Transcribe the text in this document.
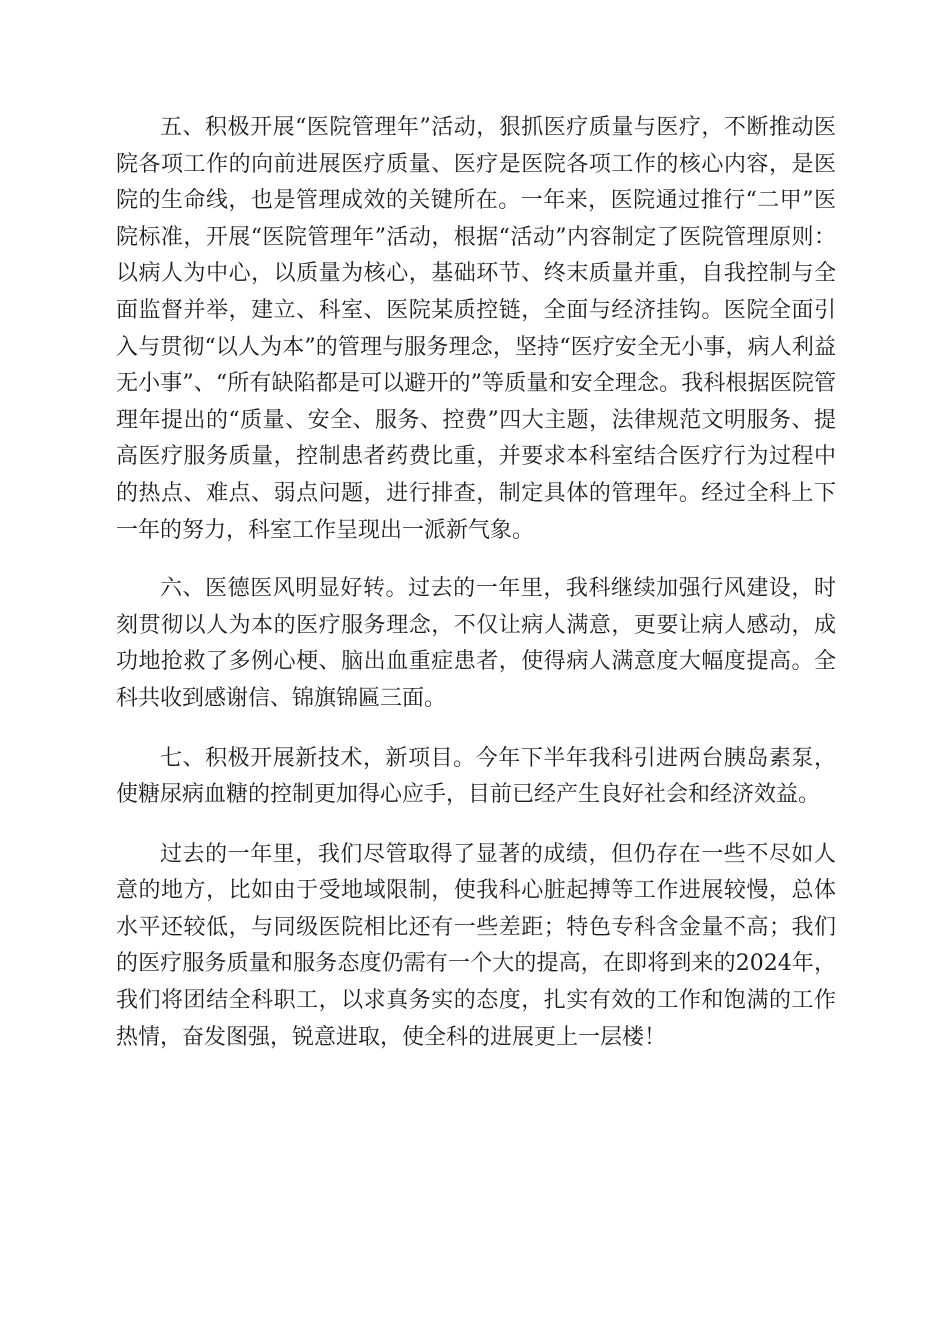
五、积极开展“医院管理年”活动，狠抓医疗质量与医疗，不断推动医院各项工作的向前进展医疗质量、医疗是医院各项工作的核心内容，是医院的生命线，也是管理成效的关键所在。一年来，医院通过推行“二甲”医院标准，开展“医院管理年”活动，根据“活动”内容制定了医院管理原则：以病人为中心，以质量为核心，基础环节、终末质量并重，自我控制与全面监督并举，建立、科室、医院某质控链，全面与经济挂钩。医院全面引入与贯彻“以人为本”的管理与服务理念，坚持“医疗安全无小事，病人利益无小事”、“所有缺陷都是可以避开的”等质量和安全理念。我科根据医院管理年提出的“质量、安全、服务、控费”四大主题，法律规范文明服务、提高医疗服务质量，控制患者药费比重，并要求本科室结合医疗行为过程中的热点、难点、弱点问题，进行排查，制定具体的管理年。经过全科上下一年的努力，科室工作呈现出一派新气象。

六、医德医风明显好转。过去的一年里，我科继续加强行风建设，时刻贯彻以人为本的医疗服务理念，不仅让病人满意，更要让病人感动，成功地抢救了多例心梗、脑出血重症患者，使得病人满意度大幅度提高。全科共收到感谢信、锦旗锦匾三面。

七、积极开展新技术，新项目。今年下半年我科引进两台胰岛素泵，使糖尿病血糖的控制更加得心应手，目前已经产生良好社会和经济效益。

过去的一年里，我们尽管取得了显著的成绩，但仍存在一些不尽如人意的地方，比如由于受地域限制，使我科心脏起搏等工作进展较慢，总体水平还较低，与同级医院相比还有一些差距；特色专科含金量不高；我们的医疗服务质量和服务态度仍需有一个大的提高，在即将到来的2024年，我们将团结全科职工，以求真务实的态度，扎实有效的工作和饱满的工作热情，奋发图强，锐意进取，使全科的进展更上一层楼！
